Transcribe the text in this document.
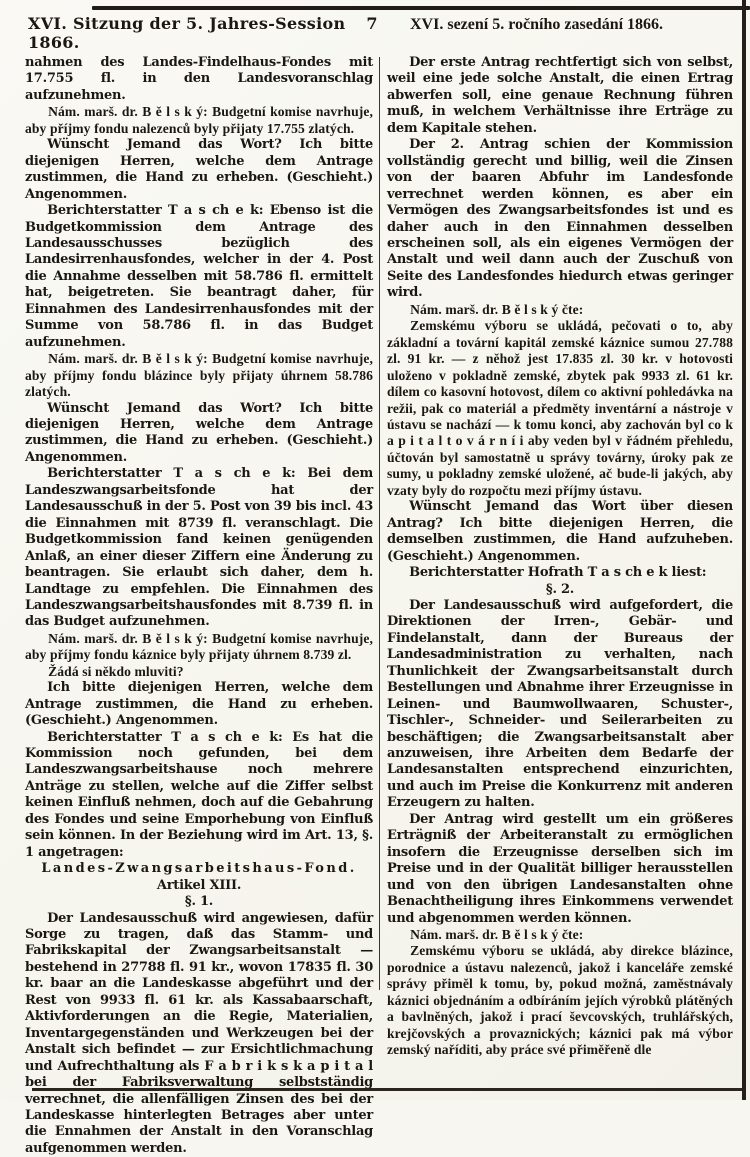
XVI. Sitzung der 5. Jahres-Session 1866.
7	XVI. sezení 5. ročního zasedání 1866.

nahmen des Landes-Findelhaus-Fondes mit 17.755 fl. in den Landesvoranschlag aufzunehmen.

Nám. marš. dr. B ě l s k ý: Budgetní komise navrhuje, aby příjmy fondu nalezenců byly přijaty 17.755 zlatých.

Wünscht Jemand das Wort? Ich bitte diejenigen Herren, welche dem Antrage zustimmen, die Hand zu erheben. (Geschieht.) Angenommen.

Berichterstatter T a s ch e k: Ebenso ist die Budgetkommission dem Antrage des Landesausschusses bezüglich des Landesirrenhausfondes, welcher in der 4. Post die Annahme desselben mit 58.786 fl. ermittelt hat, beigetreten. Sie beantragt daher, für Einnahmen des Landesirrenhausfondes mit der Summe von 58.786 fl. in das Budget aufzunehmen.

Nám. marš. dr. B ě l s k ý: Budgetní komise navrhuje, aby příjmy fondu blázince byly přijaty úhrnem 58.786 zlatých.

Wünscht Jemand das Wort? Ich bitte diejenigen Herren, welche dem Antrage zustimmen, die Hand zu erheben. (Geschieht.) Angenommen.

Berichterstatter T a s ch e k: Bei dem Landeszwangsarbeitsfonde hat der Landesausschuß in der 5. Post von 39 bis incl. 43 die Einnahmen mit 8739 fl. veranschlagt. Die Budgetkommission fand keinen genügenden Anlaß, an einer dieser Ziffern eine Änderung zu beantragen. Sie erlaubt sich daher, dem h. Landtage zu empfehlen. Die Einnahmen des Landeszwangsarbeitshausfondes mit 8.739 fl. in das Budget aufzunehmen.

Nám. marš. dr. B ě l s k ý: Budgetní komise navrhuje, aby příjmy fondu káznice byly přijaty úhrnem 8.739 zl.

Žádá si někdo mluviti?

Ich bitte diejenigen Herren, welche dem Antrage zustimmen, die Hand zu erheben. (Geschieht.) Angenommen.

Berichterstatter T a s ch e k: Es hat die Kommission noch gefunden, bei dem Landeszwangsarbeitshause noch mehrere Anträge zu stellen, welche auf die Ziffer selbst keinen Einfluß nehmen, doch auf die Gebahrung des Fondes und seine Emporhebung von Einfluß sein können. In der Beziehung wird im Art. 13, §. 1 angetragen:

Landes-Zwangsarbeitshaus-Fond.

Artikel XIII.

§. 1.

Der Landesausschuß wird angewiesen, dafür Sorge zu tragen, daß das Stamm- und Fabrikskapital der Zwangsarbeitsanstalt — bestehend in 27788 fl. 91 kr., wovon 17835 fl. 30 kr. baar an die Landeskasse abgeführt und der Rest von 9933 fl. 61 kr. als Kassabaarschaft, Aktivforderungen an die Regie, Materialien, Inventargegenständen und Werkzeugen bei der Anstalt sich befindet — zur Ersichtlichmachung und Aufrechthaltung als F a b r i k s k a p i t a l bei der Fabriksverwaltung selbstständig verrechnet, die allenfälligen Zinsen des bei der Landeskasse hinterlegten Betrages aber unter die Ennahmen der Anstalt in den Voranschlag aufgenommen werden.

Der erste Antrag rechtfertigt sich von selbst, weil eine jede solche Anstalt, die einen Ertrag abwerfen soll, eine genaue Rechnung führen muß, in welchem Verhältnisse ihre Erträge zu dem Kapitale stehen.

Der 2. Antrag schien der Kommission vollständig gerecht und billig, weil die Zinsen von der baaren Abfuhr im Landesfonde verrechnet werden können, es aber ein Vermögen des Zwangsarbeitsfondes ist und es daher auch in den Einnahmen desselben erscheinen soll, als ein eigenes Vermögen der Anstalt und weil dann auch der Zuschuß von Seite des Landesfondes hiedurch etwas geringer wird.

Nám. marš. dr. B ě l s k ý čte:

Zemskému výboru se ukládá, pečovati o to, aby základní a tovární kapitál zemské káznice sumou 27.788 zl. 91 kr. — z něhož jest 17.835 zl. 30 kr. v hotovosti uloženo v pokladně zemské, zbytek pak 9933 zl. 61 kr. dílem co kasovní hotovost, dílem co aktivní pohledávka na režii, pak co materiál a předměty inventární a nástroje v ústavu se nachází — k tomu konci, aby zachován byl co k a p i t a l t o v á r n í i aby veden byl v řádném přehledu, účtován byl samostatně u správy továrny, úroky pak ze sumy, u pokladny zemské uložené, ač bude-li jakých, aby vzaty byly do rozpočtu mezi příjmy ústavu.

Wünscht Jemand das Wort über diesen Antrag? Ich bitte diejenigen Herren, die demselben zustimmen, die Hand aufzuheben. (Geschieht.) Angenommen.

Berichterstatter Hofrath T a s ch e k liest:

§. 2.

Der Landesausschuß wird aufgefordert, die Direktionen der Irren-, Gebär- und Findelanstalt, dann der Bureaus der Landesadministration zu verhalten, nach Thunlichkeit der Zwangsarbeitsanstalt durch Bestellungen und Abnahme ihrer Erzeugnisse in Leinen- und Baumwollwaaren, Schuster-, Tischler-, Schneider- und Seilerarbeiten zu beschäftigen; die Zwangsarbeitsanstalt aber anzuweisen, ihre Arbeiten dem Bedarfe der Landesanstalten entsprechend einzurichten, und auch im Preise die Konkurrenz mit anderen Erzeugern zu halten.

Der Antrag wird gestellt um ein größeres Erträgniß der Arbeiteranstalt zu ermöglichen insofern die Erzeugnisse derselben sich im Preise und in der Qualität billiger herausstellen und von den übrigen Landesanstalten ohne Benachtheiligung ihres Einkommens verwendet und abgenommen werden können.

Nám. marš. dr. B ě l s k ý čte:

Zemskému výboru se ukládá, aby direkce blázince, porodnice a ústavu nalezenců, jakož i kanceláře zemské správy přiměl k tomu, by, pokud možná, zaměstnávaly káznici objednáním a odbíráním jejích výrobků plátěných a bavlněných, jakož i prací ševcovských, truhlářských, krejčovských a provaznických; káznici pak má výbor zemský naříditi, aby práce své přiměřeně dle
